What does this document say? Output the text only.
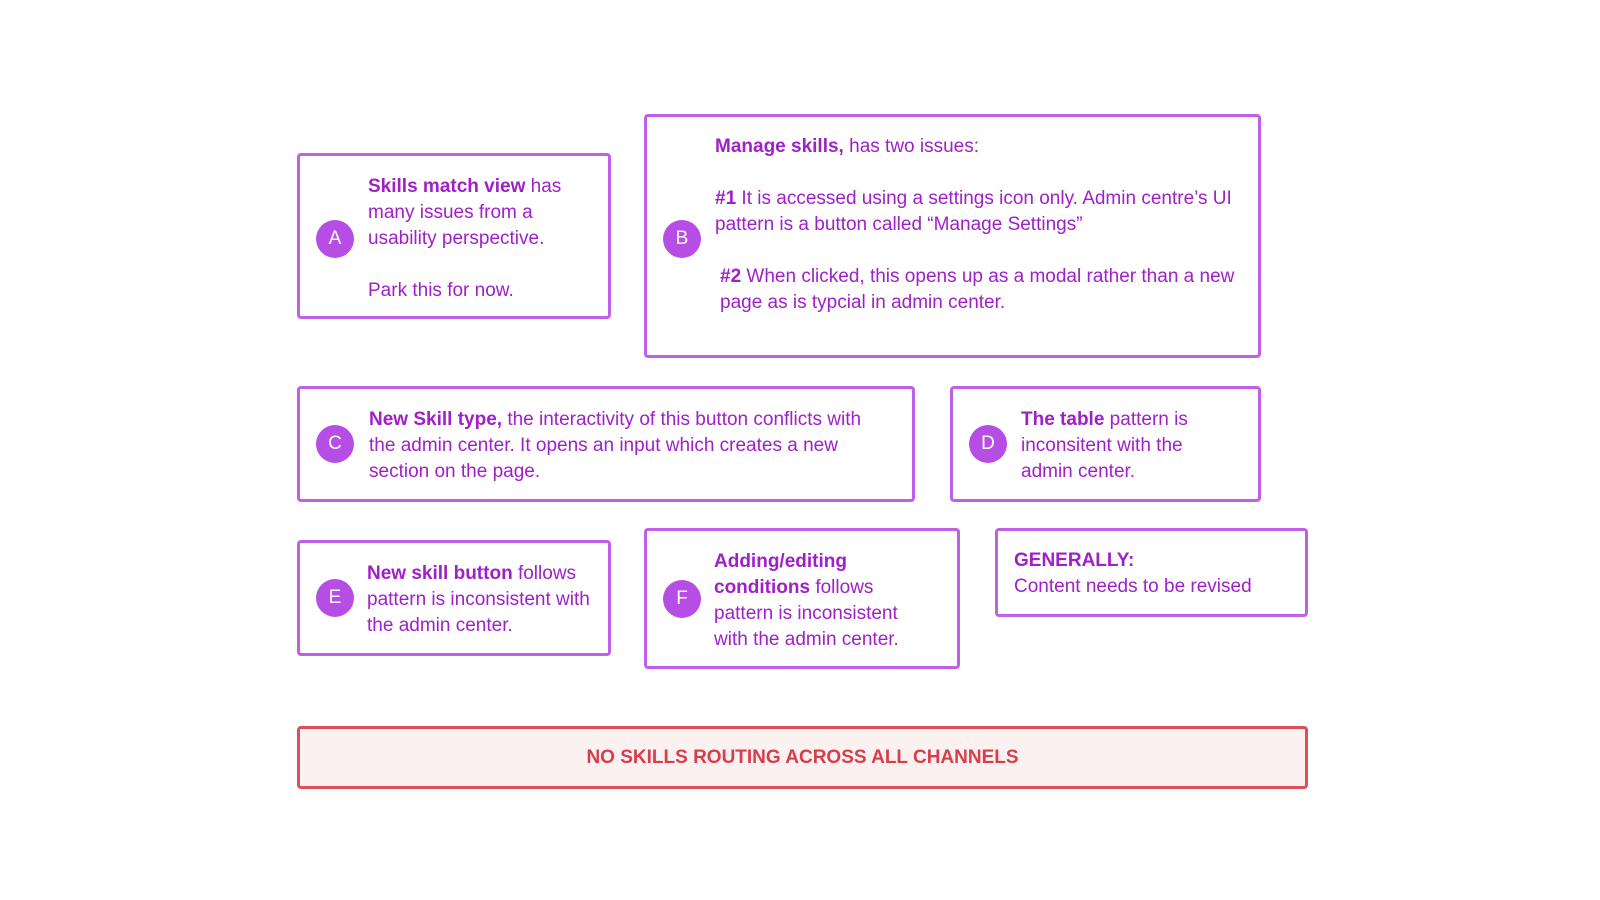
A

Skills match view has many issues from a usability perspective.

Park this for now.

B

Manage skills, has two issues:

#1 It is accessed using a settings icon only. Admin centre’s UI pattern is a button called “Manage Settings”

#2 When clicked, this opens up as a modal rather than a new page as is typcial in admin center.

C

New Skill type, the interactivity of this button conflicts with the admin center. It opens an input which creates a new section on the page.

D

The table pattern is inconsitent with the admin center.

E

New skill button follows pattern is inconsistent with the admin center.

F

Adding/editing conditions follows pattern is inconsistent with the admin center.

GENERALLY:

Content needs to be revised

NO SKILLS ROUTING ACROSS ALL CHANNELS
